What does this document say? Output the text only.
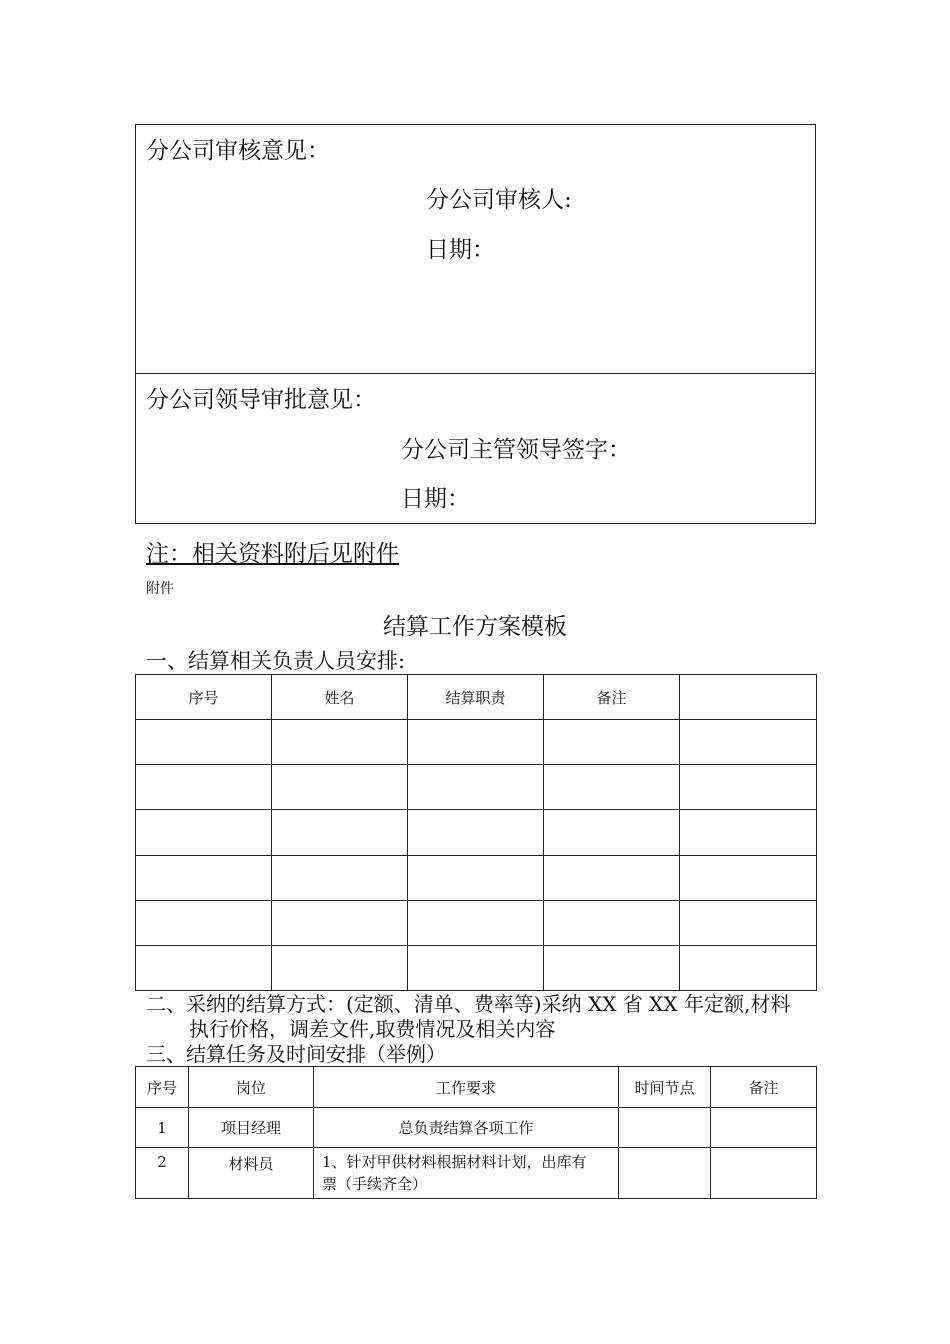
分公司审核意见：
分公司审核人:
日期：
分公司领导审批意见：
分公司主管领导签字：
日期：
注：相关资料附后见附件
附件
结算工作方案模板
一、结算相关负责人员安排:
序号	姓名	结算职责	备注	

二、采纳的结算方式：(定额、清单、费率等)采纳 XX 省 XX 年定额,材料
执行价格，调差文件,取费情况及相关内容
三、结算任务及时间安排（举例）
序号	岗位	工作要求	时间节点	备注
1	项目经理	总负责结算各项工作		
2	材料员	1、针对甲供材料根据材料计划，出库有
票（手续齐全）		
